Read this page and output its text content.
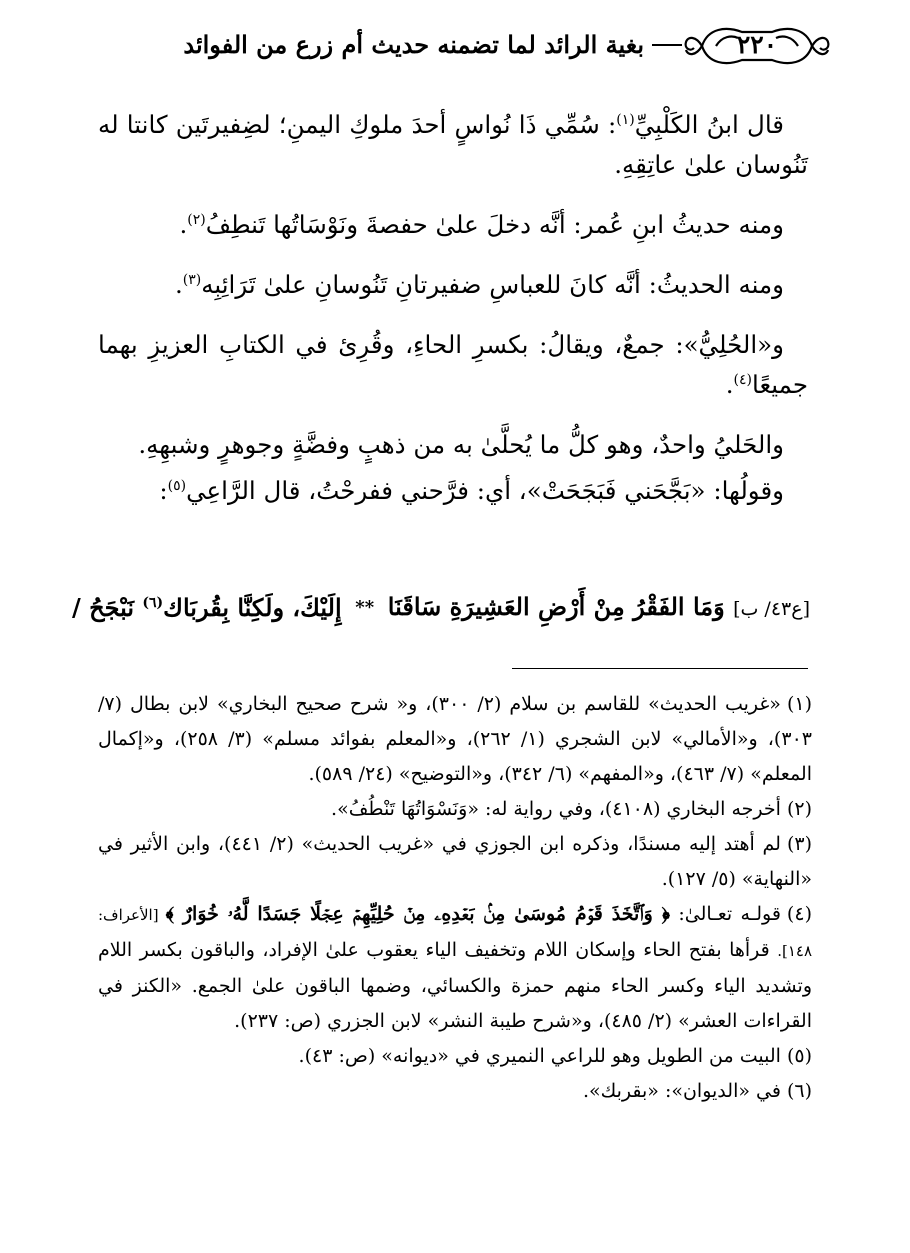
٢٢٠
بغية الرائد لما تضمنه حديث أم زرع من الفوائد

قال ابنُ الكَلْبِيِّ$^{(١)}$: سُمِّي ذَا نُواسٍ أحدَ ملوكِ اليمنِ؛ لضِفيرتَين كانتا له تَنُوسان علىٰ عاتِقِهِ.

ومنه حديثُ ابنِ عُمر: أنَّه دخلَ علىٰ حفصةَ ونَوْسَاتُها تَنطِفُ$^{(٢)}$.

ومنه الحديثُ: أنَّه كانَ للعباسِ ضفيرتانِ تَنُوسانِ علىٰ تَرَائِبِه$^{(٣)}$.

و«الحُلِيُّ»: جمعٌ، ويقالُ: بكسرِ الحاءِ، وقُرِئ في الكتابِ العزيزِ بهما جميعًا$^{(٤)}$.

والحَليُ واحدٌ، وهو كلُّ ما يُحلَّىٰ به من ذهبٍ وفضَّةٍ وجوهرٍ وشبهِهِ.

وقولُها: «بَجَّحَني فَبَجَحَتْ»، أي: فرَّحني ففرحْتُ، قال الرَّاعِي$^{(٥)}$:

[ع٤٣/ ب] وَمَا الفَقْرُ مِنْ أَرْضِ العَشِيرَةِ سَاقَنَا
**
إِلَيْكَ، ولَكِنَّا بِقُربَاك$^{(٦)}$ نَبْجَحُ /

(١)«غريب الحديث» للقاسم بن سلام (٢/ ٣٠٠)، و« شرح صحيح البخاري» لابن بطال (٧/ ٣٠٣)، و«الأمالي» لابن الشجري (١/ ٢٦٢)، و«المعلم بفوائد مسلم» (٣/ ٢٥٨)، و«إكمال المعلم» (٧/ ٤٦٣)، و«المفهم» (٦/ ٣٤٢)، و«التوضيح» (٢٤/ ٥٨٩).

(٢)أخرجه البخاري (٤١٠٨)، وفي رواية له: «وَنَسْوَاتُهَا تَنْطُفُ».

(٣)لم أهتد إليه مسندًا، وذكره ابن الجوزي في «غريب الحديث» (٢/ ٤٤١)، وابن الأثير في «النهاية» (٥/ ١٢٧).

(٤)قولـه تعـالىٰ: ﴿ وَٱتَّخَذَ قَوۡمُ مُوسَىٰ مِنۢ بَعۡدِهِۦ مِنۡ حُلِيِّهِمۡ عِجۡلًا جَسَدًا لَّهُۥ خُوَارٌ ﴾ [الأعراف: ١٤٨]. قرأها بفتح الحاء وإسكان اللام وتخفيف الياء يعقوب علىٰ الإفراد، والباقون بكسر اللام وتشديد الياء وكسر الحاء منهم حمزة والكسائي، وضمها الباقون علىٰ الجمع. «الكنز في القراءات العشر» (٢/ ٤٨٥)، و«شرح طيبة النشر» لابن الجزري (ص: ٢٣٧).

(٥)البيت من الطويل وهو للراعي النميري في «ديوانه» (ص: ٤٣).

(٦)في «الديوان»: «بقربك».
